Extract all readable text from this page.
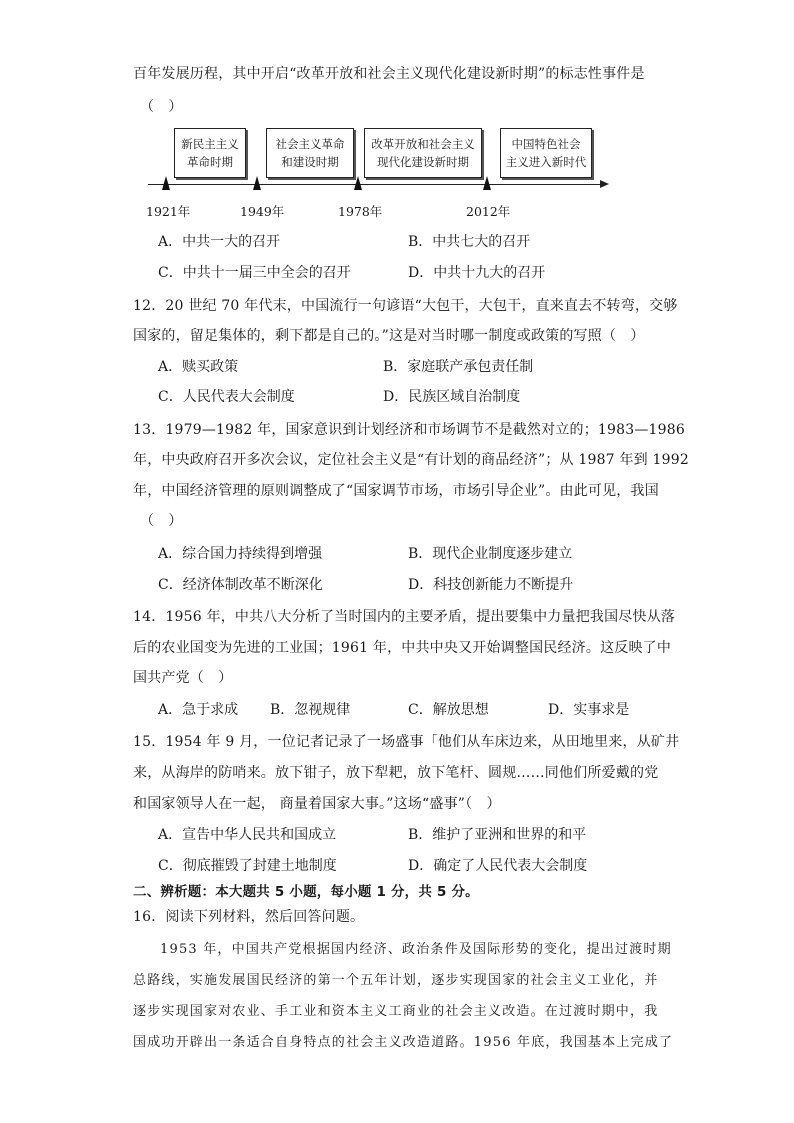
百年发展历程，其中开启“改革开放和社会主义现代化建设新时期”的标志性事件是
（　）
新民主主义
革命时期
社会主义革命
和建设时期
改革开放和社会主义
现代化建设新时期
中国特色社会
主义进入新时代
1921年	1949年	1978年	2012年
A．中共一大的召开	B．中共七大的召开
C．中共十一届三中全会的召开	D．中共十九大的召开
12．20 世纪 70 年代末，中国流行一句谚语“大包干，大包干，直来直去不转弯，交够
国家的，留足集体的，剩下都是自己的。”这是对当时哪一制度或政策的写照（　）
A．赎买政策	B．家庭联产承包责任制
C．人民代表大会制度	D．民族区域自治制度
13．1979—1982 年，国家意识到计划经济和市场调节不是截然对立的；1983—1986
年，中央政府召开多次会议，定位社会主义是“有计划的商品经济”；从 1987 年到 1992
年，中国经济管理的原则调整成了“国家调节市场，市场引导企业”。由此可见，我国
（　）
A．综合国力持续得到增强	B．现代企业制度逐步建立
C．经济体制改革不断深化	D．科技创新能力不断提升
14．1956 年，中共八大分析了当时国内的主要矛盾，提出要集中力量把我国尽快从落
后的农业国变为先进的工业国；1961 年，中共中央又开始调整国民经济。这反映了中
国共产党（　）
A．急于求成 B．忽视规律	C．解放思想	D．实事求是
15．1954 年 9 月，一位记者记录了一场盛事「他们从车床边来，从田地里来，从矿井
来，从海岸的防哨来。放下钳子，放下犁耙，放下笔杆、圆规……同他们所爱戴的党
和国家领导人在一起， 商量着国家大事。”这场“盛事”（　）
A．宣告中华人民共和国成立	B．维护了亚洲和世界的和平
C．彻底摧毁了封建土地制度	D．确定了人民代表大会制度
二、辨析题：本大题共 5 小题，每小题 1 分，共 5 分。
16．阅读下列材料，然后回答问题。
1953 年，中国共产党根据国内经济、政治条件及国际形势的变化，提出过渡时期
总路线，实施发展国民经济的第一个五年计划，逐步实现国家的社会主义工业化，并
逐步实现国家对农业、手工业和资本主义工商业的社会主义改造。在过渡时期中，我
国成功开辟出一条适合自身特点的社会主义改造道路。1956 年底，我国基本上完成了
